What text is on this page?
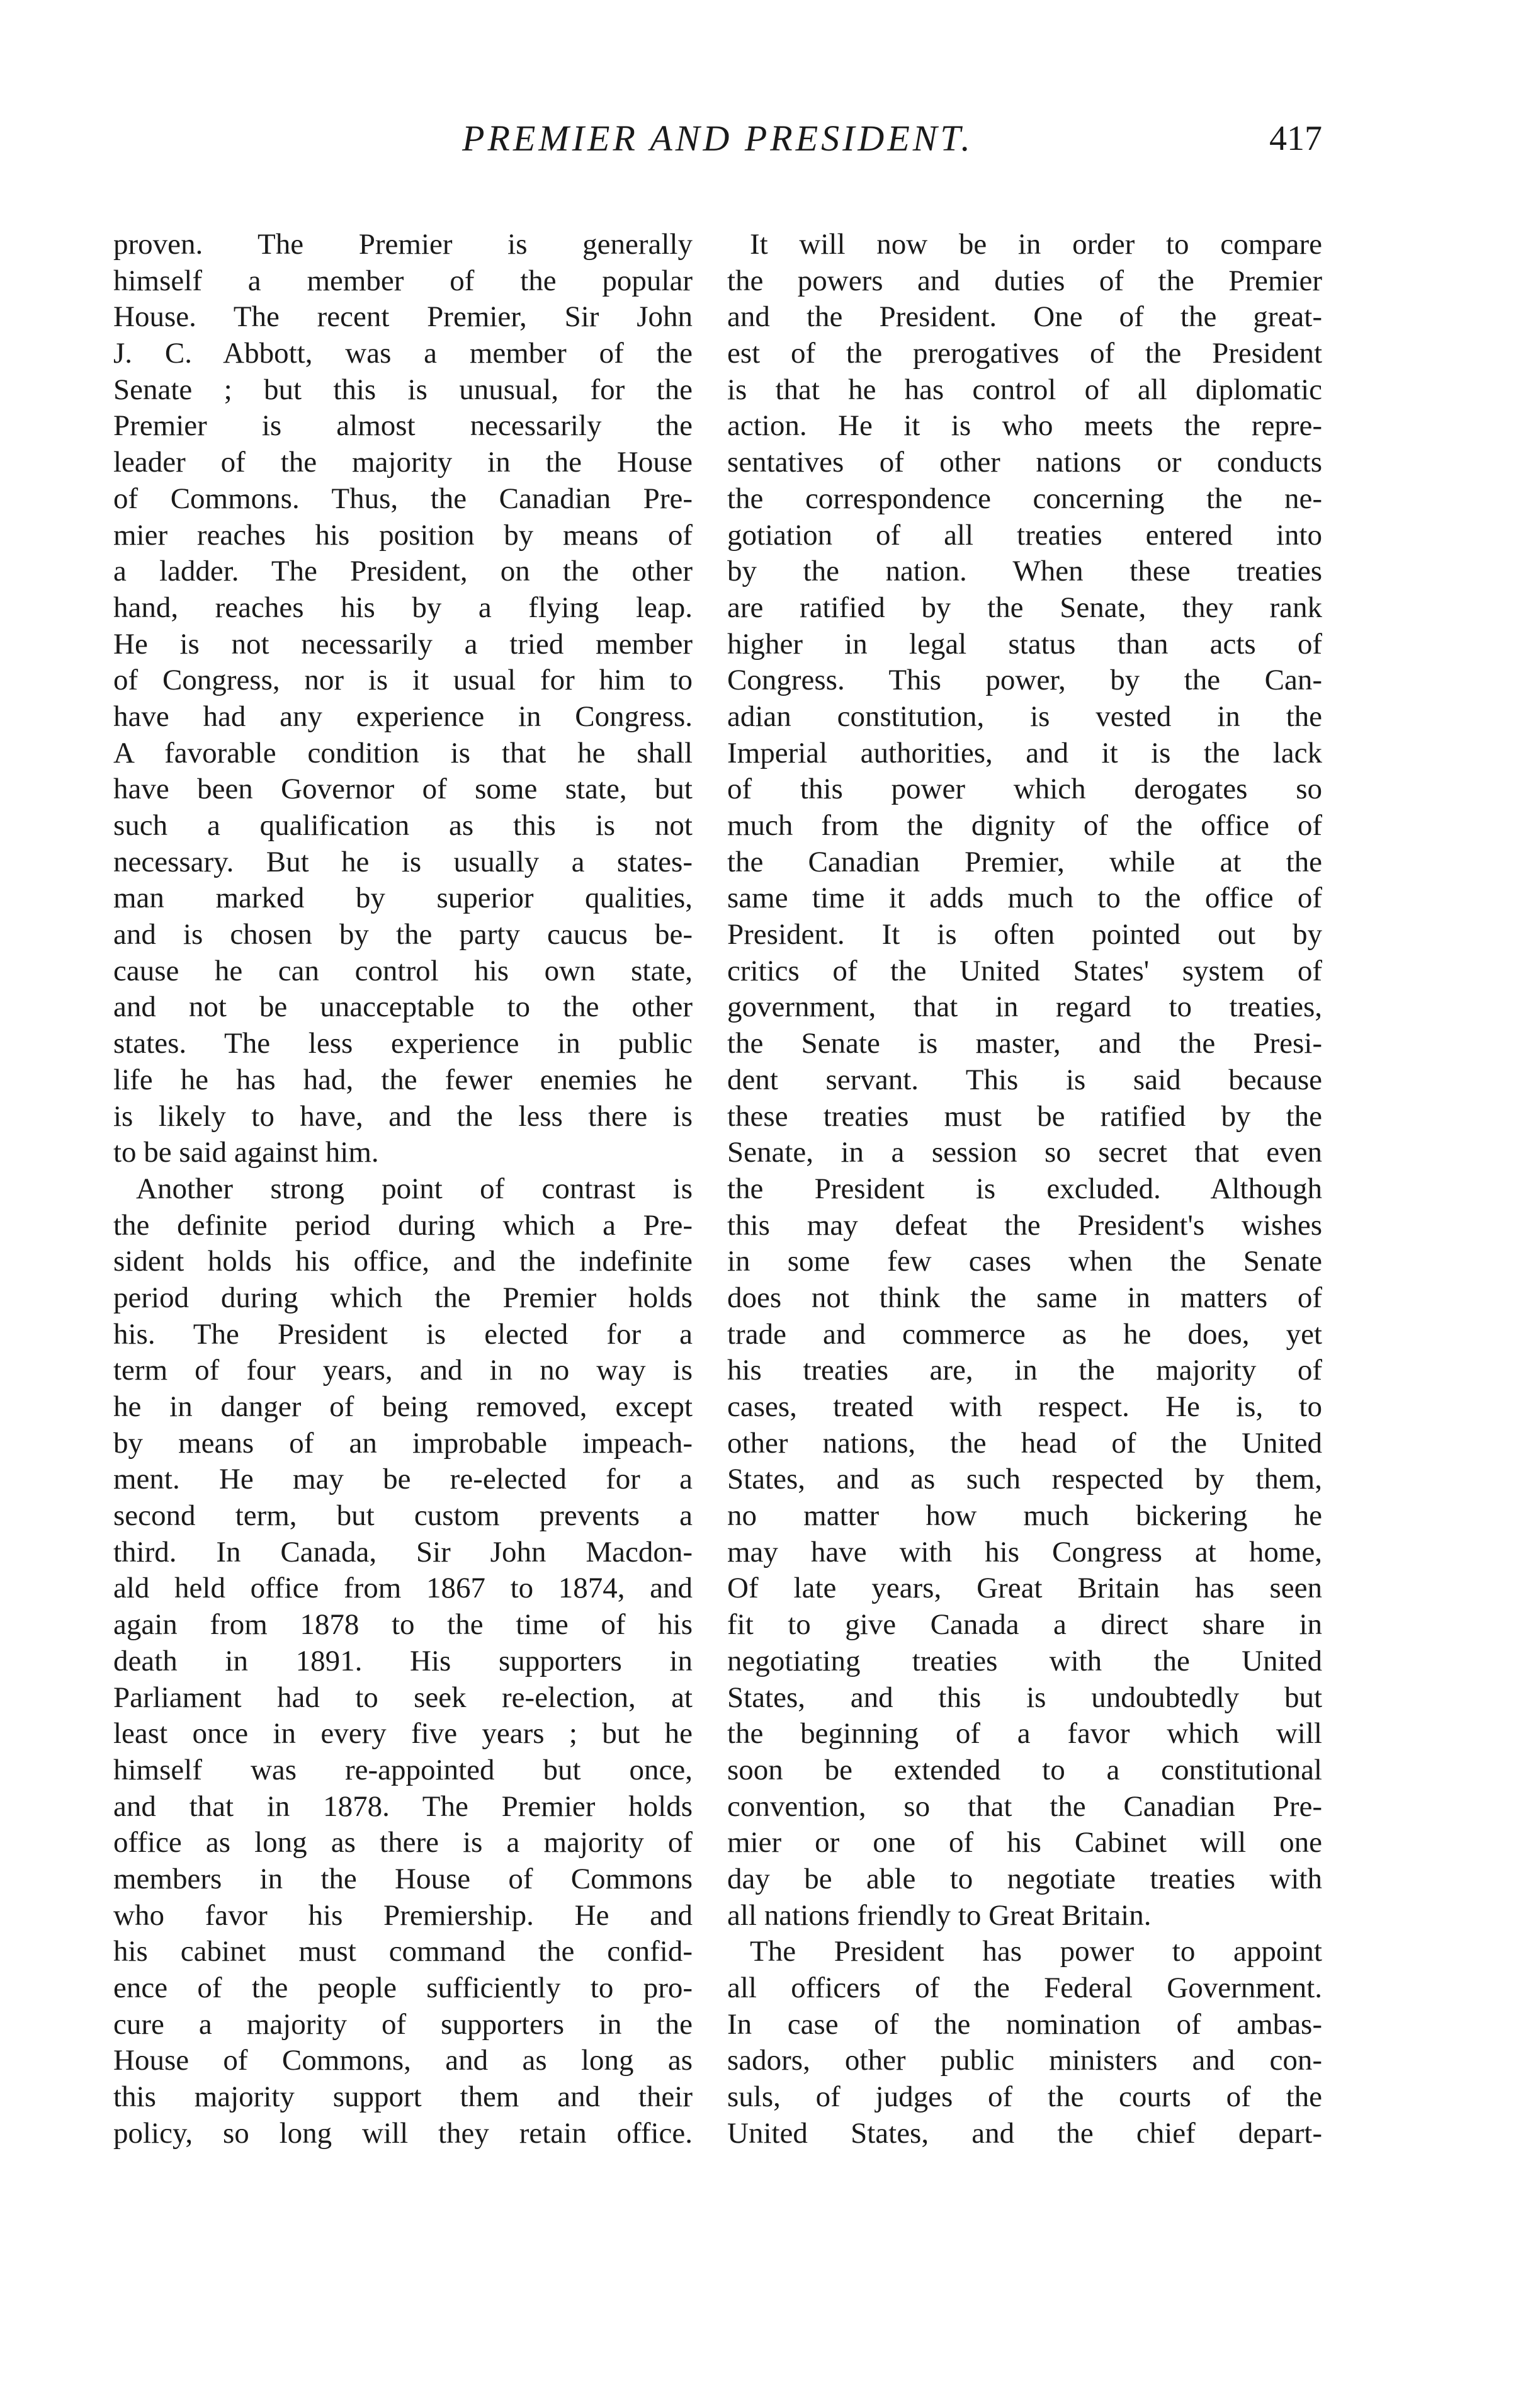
PREMIER AND PRESIDENT.	417
proven. The Premier is generally
himself a member of the popular
House. The recent Premier, Sir John
J. C. Abbott, was a member of the
Senate ; but this is unusual, for the
Premier is almost necessarily the
leader of the majority in the House
of Commons. Thus, the Canadian Pre-
mier reaches his position by means of
a ladder. The President, on the other
hand, reaches his by a flying leap.
He is not necessarily a tried member
of Congress, nor is it usual for him to
have had any experience in Congress.
A favorable condition is that he shall
have been Governor of some state, but
such a qualification as this is not
necessary. But he is usually a states-
man marked by superior qualities,
and is chosen by the party caucus be-
cause he can control his own state,
and not be unacceptable to the other
states. The less experience in public
life he has had, the fewer enemies he
is likely to have, and the less there is
to be said against him.
Another strong point of contrast is
the definite period during which a Pre-
sident holds his office, and the indefinite
period during which the Premier holds
his. The President is elected for a
term of four years, and in no way is
he in danger of being removed, except
by means of an improbable impeach-
ment. He may be re-elected for a
second term, but custom prevents a
third. In Canada, Sir John Macdon-
ald held office from 1867 to 1874, and
again from 1878 to the time of his
death in 1891. His supporters in
Parliament had to seek re-election, at
least once in every five years ; but he
himself was re-appointed but once,
and that in 1878. The Premier holds
office as long as there is a majority of
members in the House of Commons
who favor his Premiership. He and
his cabinet must command the confid-
ence of the people sufficiently to pro-
cure a majority of supporters in the
House of Commons, and as long as
this majority support them and their
policy, so long will they retain office.
It will now be in order to compare
the powers and duties of the Premier
and the President. One of the great-
est of the prerogatives of the President
is that he has control of all diplomatic
action. He it is who meets the repre-
sentatives of other nations or conducts
the correspondence concerning the ne-
gotiation of all treaties entered into
by the nation. When these treaties
are ratified by the Senate, they rank
higher in legal status than acts of
Congress. This power, by the Can-
adian constitution, is vested in the
Imperial authorities, and it is the lack
of this power which derogates so
much from the dignity of the office of
the Canadian Premier, while at the
same time it adds much to the office of
President. It is often pointed out by
critics of the United States' system of
government, that in regard to treaties,
the Senate is master, and the Presi-
dent servant. This is said because
these treaties must be ratified by the
Senate, in a session so secret that even
the President is excluded. Although
this may defeat the President's wishes
in some few cases when the Senate
does not think the same in matters of
trade and commerce as he does, yet
his treaties are, in the majority of
cases, treated with respect. He is, to
other nations, the head of the United
States, and as such respected by them,
no matter how much bickering he
may have with his Congress at home,
Of late years, Great Britain has seen
fit to give Canada a direct share in
negotiating treaties with the United
States, and this is undoubtedly but
the beginning of a favor which will
soon be extended to a constitutional
convention, so that the Canadian Pre-
mier or one of his Cabinet will one
day be able to negotiate treaties with
all nations friendly to Great Britain.
The President has power to appoint
all officers of the Federal Government.
In case of the nomination of ambas-
sadors, other public ministers and con-
suls, of judges of the courts of the
United States, and the chief depart-
